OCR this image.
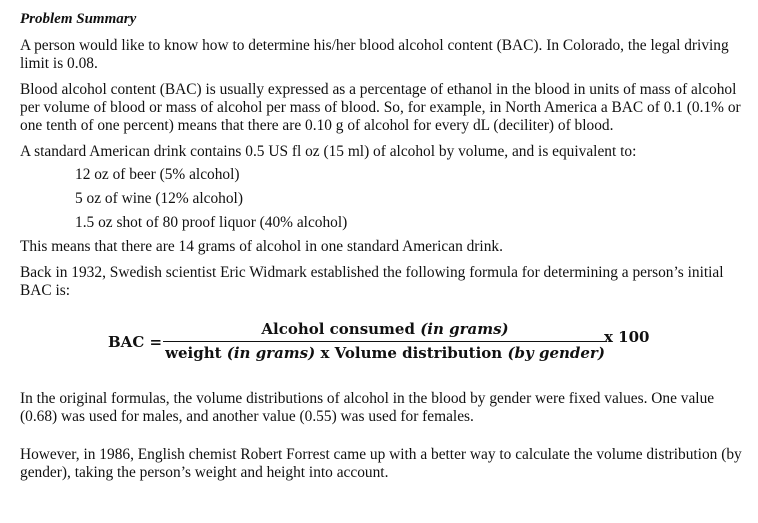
Problem Summary

A person would like to know how to determine his/her blood alcohol content (BAC). In Colorado, the legal driving limit is 0.08.

Blood alcohol content (BAC) is usually expressed as a percentage of ethanol in the blood in units of mass of alcohol per volume of blood or mass of alcohol per mass of blood. So, for example, in North America a BAC of 0.1 (0.1% or one tenth of one percent) means that there are 0.10 g of alcohol for every dL (deciliter) of blood.

A standard American drink contains 0.5 US fl oz (15 ml) of alcohol by volume, and is equivalent to:

12 oz of beer (5% alcohol)

5 oz of wine (12% alcohol)

1.5 oz shot of 80 proof liquor (40% alcohol)

This means that there are 14 grams of alcohol in one standard American drink.

Back in 1932, Swedish scientist Eric Widmark established the following formula for determining a person’s initial BAC is:

BAC =
Alcohol consumed (in grams)
weight (in grams) x Volume distribution (by gender)
x 100

In the original formulas, the volume distributions of alcohol in the blood by gender were fixed values. One value (0.68) was used for males, and another value (0.55) was used for females.

However, in 1986, English chemist Robert Forrest came up with a better way to calculate the volume distribution (by gender), taking the person’s weight and height into account.
